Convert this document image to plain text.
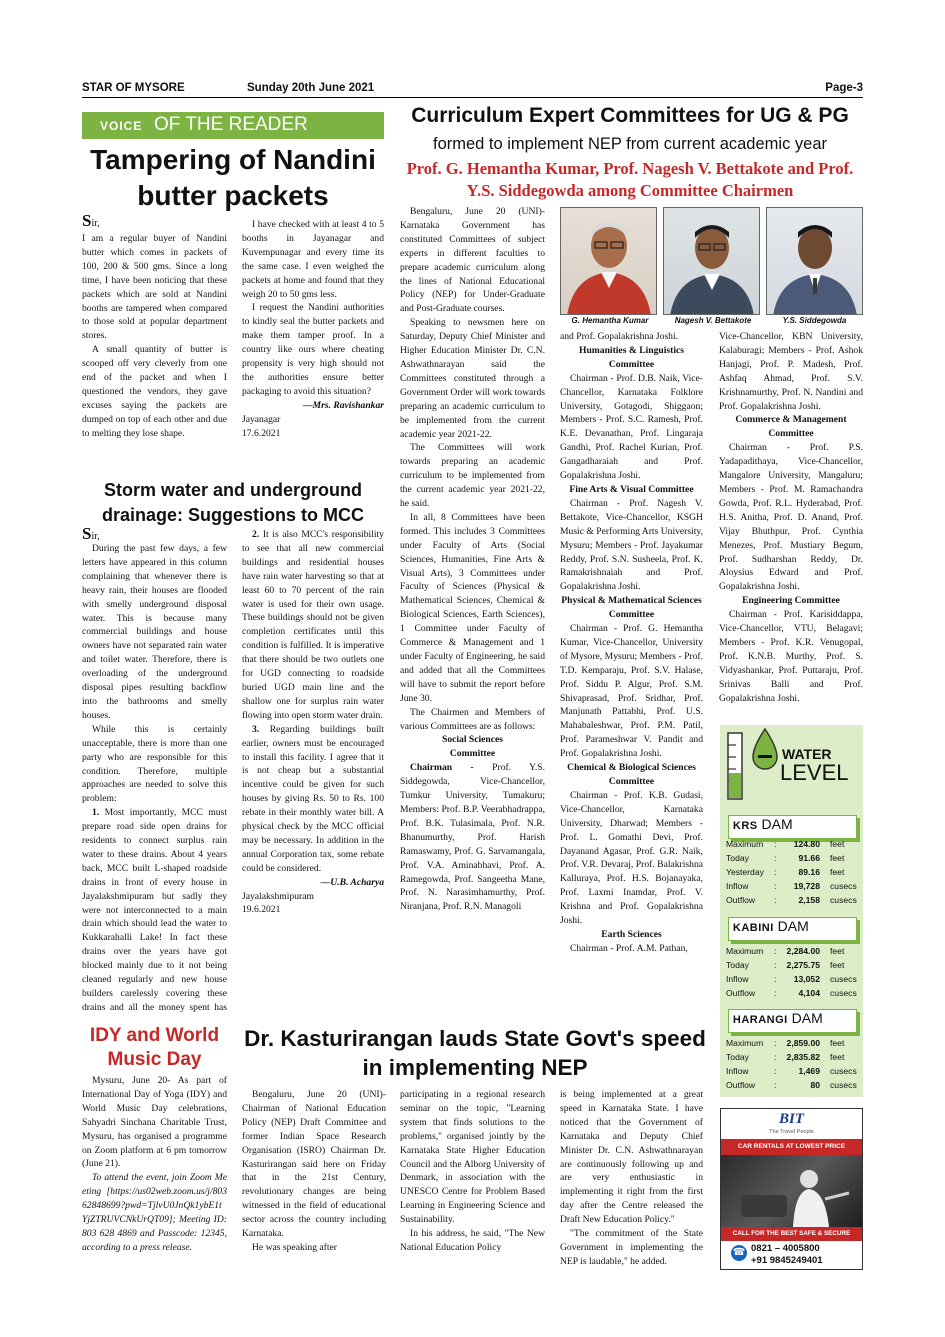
STAR OF MYSORE	Sunday 20th June 2021	Page-3
VOICE OF THE READER
Tampering of Nandini butter packets
Sir,

I am a regular buyer of Nandini butter which comes in packets of 100, 200 & 500 gms. Since a long time, I have been noticing that these packets which are sold at Nandini booths are tampered when compared to those sold at popular department stores.

A small quantity of butter is scooped off very cleverly from one end of the packet and when I questioned the vendors, they gave excuses saying the packets are dumped on top of each other and due to melting they lose shape.

I have checked with at least 4 to 5 booths in Jayanagar and Kuvempunagar and every time its the same case. I even weighed the packets at home and found that they weigh 20 to 50 gms less.

I request the Nandini authorities to kindly seal the butter packets and make them tamper proof. In a country like ours where cheating propensity is very high should not the authorities ensure better packaging to avoid this situation?

—Mrs. Ravishankar

Jayanagar

17.6.2021

Storm water and underground drainage: Suggestions to MCC
Sir,

During the past few days, a few letters have appeared in this column complaining that whenever there is heavy rain, their houses are flooded with smelly underground disposal water. This is because many commercial buildings and house owners have not separated rain water and toilet water. Therefore, there is overloading of the underground disposal pipes resulting backflow into the bathrooms and smelly houses.

While this is certainly unacceptable, there is more than one party who are responsible for this condition. Therefore, multiple approaches are needed to solve this problem:

1. Most importantly, MCC must prepare road side open drains for residents to connect surplus rain water to these drains. About 4 years back, MCC built L-shaped roadside drains in front of every house in Jayalakshmipuram but sadly they were not interconnected to a main drain which should lead the water to Kukkarahalli Lake! In fact these drains over the years have got blocked mainly due to it not being cleaned regularly and new house builders carelessly covering these drains and all the money spent has

2. It is also MCC's responsibility to see that all new commercial buildings and residential houses have rain water harvesting so that at least 60 to 70 percent of the rain water is used for their own usage. These buildings should not be given completion certificates until this condition is fulfilled. It is imperative that there should be two outlets one for UGD connecting to roadside buried UGD main line and the shallow one for surplus rain water flowing into open storm water drain.

3. Regarding buildings built earlier, owners must be encouraged to install this facility. I agree that it is not cheap but a substantial incentive could be given for such houses by giving Rs. 50 to Rs. 100 rebate in their monthly water bill. A physical check by the MCC official may be necessary. In addition in the annual Corporation tax, some rebate could be considered.

—U.B. Acharya

Jayalakshmipuram

19.6.2021

IDY and World Music Day

Mysuru, June 20- As part of International Day of Yoga (IDY) and World Music Day celebrations, Sahyadri Sinchana Charitable Trust, Mysuru, has organised a programme on Zoom platform at 6 pm tomorrow (June 21).

To attend the event, join Zoom Meeting [https://us02web.zoom.us/j/80362848699?pwd=TjlvU0JnQk1ybE1tYjZTRUVCNkUrQT09]; Meeting ID: 803 628 4869 and Passcode: 12345, according to a press release.

Curriculum Expert Committees for UG & PG
formed to implement NEP from current academic year
Prof. G. Hemantha Kumar, Prof. Nagesh V. Bettakote and Prof. Y.S. Siddegowda among Committee Chairmen

Bengaluru, June 20 (UNI)- Karnataka Government has constituted Committees of subject experts in different faculties to prepare academic curriculum along the lines of National Educational Policy (NEP) for Under-Graduate and Post-Graduate courses.

Speaking to newsmen here on Saturday, Deputy Chief Minister and Higher Education Minister Dr. C.N. Ashwathnarayan said the Committees constituted through a Government Order will work towards preparing an academic curriculum to be implemented from the current academic year 2021-22.

The Committees will work towards preparing an academic curriculum to be implemented from the current academic year 2021-22, he said.

In all, 8 Committees have been formed. This includes 3 Committees under Faculty of Arts (Social Sciences, Humanities, Fine Arts & Visual Arts), 3 Committees under Faculty of Sciences (Physical & Mathematical Sciences, Chemical & Biological Sciences, Earth Sciences), 1 Committee under Faculty of Commerce & Management and 1 under Faculty of Engineering, he said and added that all the Committees will have to submit the report before June 30.

The Chairmen and Members of various Committees are as follows:

Social Sciences Committee

Chairman - Prof. Y.S. Siddegowda, Vice-Chancellor, Tumkur University, Tumakuru; Members: Prof. B.P. Veerabhadrappa, Prof. B.K. Tulasimala, Prof. N.R. Bhanumurthy, Prof. Harish Ramaswamy, Prof. G. Sarvamangala, Prof. V.A. Aminabhavi, Prof. A. Ramegowda, Prof. Sangeetha Mane, Prof. N. Narasimhamurthy, Prof. Niranjana, Prof. R.N. Managoli

G. Hemantha Kumar	Nagesh V. Bettakote	Y.S. Siddegowda

and Prof. Gopalakrishna Joshi.

Humanities & Linguistics Committee

Chairman - Prof. D.B. Naik, Vice-Chancellor, Karnataka Folklore University, Gotagodi, Shiggaon; Members - Prof. S.C. Ramesh, Prof. K.E. Devanathan, Prof. Lingaraja Gandhi, Prof. Rachel Kurian, Prof. Gangadharaiah and Prof. Gopalakrishna Joshi.

Fine Arts & Visual Committee

Chairman - Prof. Nagesh V. Bettakote, Vice-Chancellor, KSGH Music & Performing Arts University, Mysuru; Members - Prof. Jayakumar Reddy, Prof. S.N. Susheela, Prof. K. Ramakrishnaiah and Prof. Gopalakrishna Joshi.

Physical & Mathematical Sciences Committee

Chairman - Prof. G. Hemantha Kumar, Vice-Chancellor, University of Mysore, Mysuru; Members - Prof. T.D. Kemparaju, Prof. S.V. Halase, Prof. Siddu P. Algur, Prof. S.M. Shivaprasad, Prof. Sridhar, Prof. Manjunath Pattabhi, Prof. U.S. Mahabaleshwar, Prof. P.M. Patil, Prof. Parameshwar V. Pandit and Prof. Gopalakrishna Joshi.

Chemical & Biological Sciences Committee

Chairman - Prof. K.B. Gudasi, Vice-Chancellor, Karnataka University, Dharwad; Members - Prof. L. Gomathi Devi, Prof. Dayanand Agasar, Prof. G.R. Naik, Prof. V.R. Devaraj, Prof. Balakrishna Kalluraya, Prof. H.S. Bojanayaka, Prof. Laxmi Inamdar, Prof. V. Krishna and Prof. Gopalakrishna Joshi.

Earth Sciences

Chairman - Prof. A.M. Pathan,

Vice-Chancellor, KBN University, Kalaburagi; Members - Prof. Ashok Hanjagi, Prof. P. Madesh, Prof. Ashfaq Ahmad, Prof. S.V. Krishnamurthy, Prof. N. Nandini and Prof. Gopalakrishna Joshi.

Commerce & Management Committee

Chairman - Prof. P.S. Yadapadithaya, Vice-Chancellor, Mangalore University, Mangaluru; Members - Prof. M. Ramachandra Gowda, Prof. R.L. Hyderabad, Prof. H.S. Anitha, Prof. D. Anand, Prof. Vijay Bhuthpur, Prof. Cynthia Menezes, Prof. Mustiary Begum, Prof. Sudharshan Reddy, Dr. Aloysius Edward and Prof. Gopalakrishna Joshi.

Engineering Committee

Chairman - Prof. Karisiddappa, Vice-Chancellor, VTU, Belagavi; Members - Prof. K.R. Venugopal, Prof. K.N.B. Murthy, Prof. S. Vidyashankar, Prof. Puttaraju, Prof. Srinivas Balli and Prof. Gopalakrishna Joshi.

WATER
LEVEL
KRS DAM
Maximum : 124.80 feet
Today	:	91.66 feet
Yesterday :	89.16 feet
Inflow	: 19,728 cusecs
Outflow :	2,158 cusecs
KABINI DAM
Maximum : 2,284.00 feet
Today	: 2,275.75 feet
Inflow	: 13,052 cusecs
Outflow :	4,104 cusecs
HARANGI DAM
Maximum : 2,859.00 feet
Today	: 2,835.82 feet
Inflow	:	1,469 cusecs
Outflow :	80 cusecs
Dr. Kasturirangan lauds State Govt's speed in implementing NEP

Bengaluru, June 20 (UNI)- Chairman of National Education Policy (NEP) Draft Committee and former Indian Space Research Organisation (ISRO) Chairman Dr. Kasturirangan said here on Friday that in the 21st Century, revolutionary changes are being witnessed in the field of educational sector across the country including Karnataka.

He was speaking after

participating in a regional research seminar on the topic, "Learning system that finds solutions to the problems," organised jointly by the Karnataka State Higher Education Council and the Alborg University of Denmark, in association with the UNESCO Centre for Problem Based Learning in Engineering Science and Sustainability.

In his address, he said, "The New National Education Policy

is being implemented at a great speed in Karnataka State. I have noticed that the Government of Karnataka and Deputy Chief Minister Dr. C.N. Ashwathnarayan are continuously following up and are very enthusiastic in implementing it right from the first day after the Centre released the Draft New Education Policy."

"The commitment of the State Government in implementing the NEP is laudable," he added.

BIT
The Travel People
CAR RENTALS AT LOWEST PRICE
CALL FOR THE BEST SAFE & SECURE
☎ 0821 – 4005800
+91 9845249401
